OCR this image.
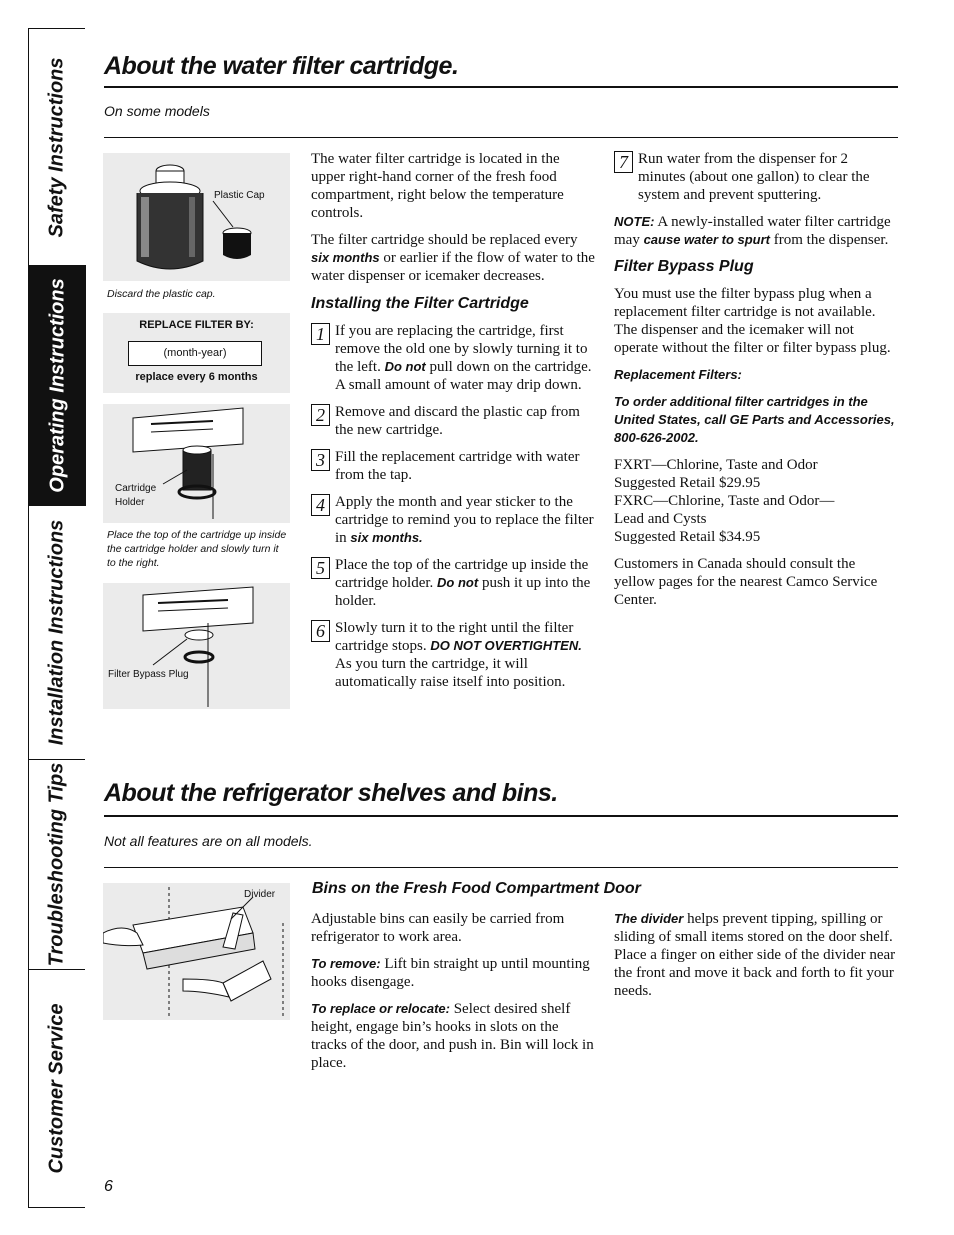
Safety Instructions
Operating Instructions
Installation Instructions
Troubleshooting Tips
Customer Service
About the water filter cartridge.
On some models
Plastic Cap
Discard the plastic cap.
REPLACE FILTER BY:
(month-year)
replace every 6 months
Cartridge
Holder
Place the top of the cartridge up inside the cartridge holder and slowly turn it to the right.
Filter Bypass Plug

The water filter cartridge is located in the upper right-hand corner of the fresh food compartment, right below the temperature controls.

The filter cartridge should be replaced every six months or earlier if the flow of water to the water dispenser or icemaker decreases.

Installing the Filter Cartridge
1 If you are replacing the cartridge, first remove the old one by slowly turning it to the left. Do not pull down on the cartridge. A small amount of water may drip down.
2 Remove and discard the plastic cap from the new cartridge.
3 Fill the replacement cartridge with water from the tap.
4 Apply the month and year sticker to the cartridge to remind you to replace the filter in six months.
5 Place the top of the cartridge up inside the cartridge holder. Do not push it up into the holder.
6 Slowly turn it to the right until the filter cartridge stops. DO NOT OVERTIGHTEN. As you turn the cartridge, it will automatically raise itself into position.
7 Run water from the dispenser for 2 minutes (about one gallon) to clear the system and prevent sputtering.

NOTE: A newly-installed water filter cartridge may cause water to spurt from the dispenser.

Filter Bypass Plug

You must use the filter bypass plug when a replacement filter cartridge is not available. The dispenser and the icemaker will not operate without the filter or filter bypass plug.

Replacement Filters:

To order additional filter cartridges in the United States, call GE Parts and Accessories, 800-626-2002.

FXRT—Chlorine, Taste and Odor
Suggested Retail $29.95
FXRC—Chlorine, Taste and Odor—
Lead and Cysts
Suggested Retail $34.95

Customers in Canada should consult the yellow pages for the nearest Camco Service Center.

About the refrigerator shelves and bins.
Not all features are on all models.
Divider Bins on the Fresh Food Compartment Door

Adjustable bins can easily be carried from refrigerator to work area.

To remove: Lift bin straight up until mounting hooks disengage.

To replace or relocate: Select desired shelf height, engage bin’s hooks in slots on the tracks of the door, and push in. Bin will lock in place.

The divider helps prevent tipping, spilling or sliding of small items stored on the door shelf. Place a finger on either side of the divider near the front and move it back and forth to fit your needs.

6
